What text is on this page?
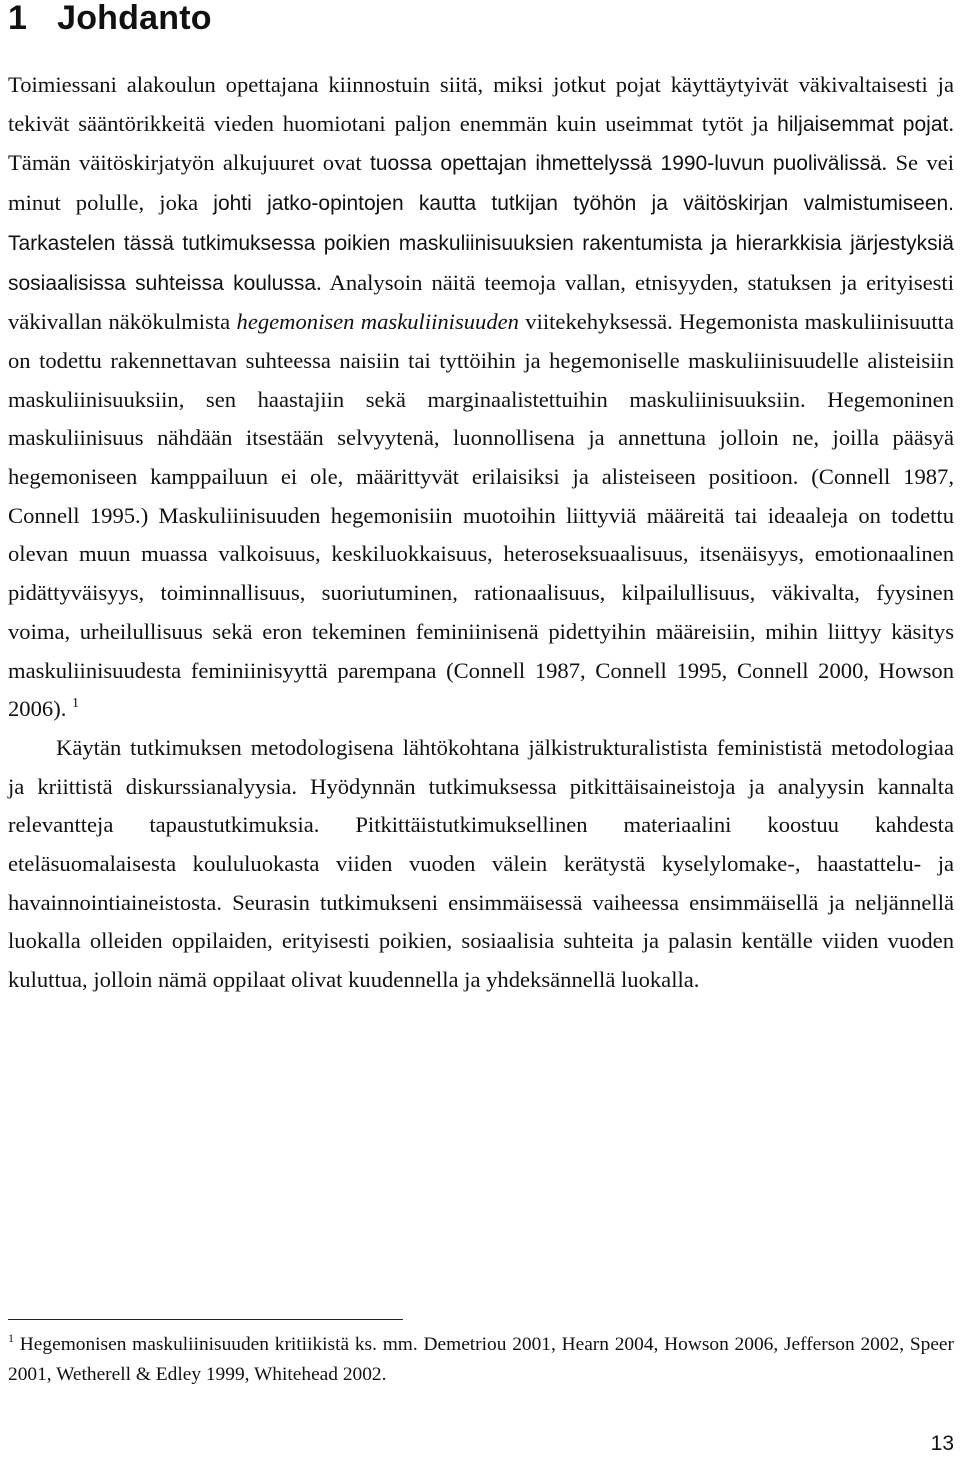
1 Johdanto

Toimiessani alakoulun opettajana kiinnostuin siitä, miksi jotkut pojat käyttäytyivät väkivaltaisesti ja tekivät sääntörikkeitä vieden huomiotani paljon enemmän kuin useimmat tytöt ja hiljaisemmat pojat. Tämän väitöskirjatyön alkujuuret ovat tuossa opettajan ihmettelyssä 1990-luvun puolivälissä. Se vei minut polulle, joka johti jatko-opintojen kautta tutkijan työhön ja väitöskirjan valmistumiseen. Tarkastelen tässä tutkimuksessa poikien maskuliinisuuksien rakentumista ja hierarkkisia järjestyksiä sosiaalisissa suhteissa koulussa. Analysoin näitä teemoja vallan, etnisyyden, statuksen ja erityisesti väkivallan näkökulmista hegemonisen maskuliinisuuden viitekehyksessä. Hegemonista maskuliinisuutta on todettu rakennettavan suhteessa naisiin tai tyttöihin ja hegemoniselle maskuliinisuudelle alisteisiin maskuliinisuuksiin, sen haastajiin sekä marginaalistettuihin maskuliinisuuksiin. Hegemoninen maskuliinisuus nähdään itsestään selvyytenä, luonnollisena ja annettuna jolloin ne, joilla pääsyä hegemoniseen kamppailuun ei ole, määrittyvät erilaisiksi ja alisteiseen positioon. (Connell 1987, Connell 1995.) Maskuliinisuuden hegemonisiin muotoihin liittyviä määreitä tai ideaaleja on todettu olevan muun muassa valkoisuus, keskiluokkaisuus, heteroseksuaalisuus, itsenäisyys, emotionaalinen pidättyväisyys, toiminnallisuus, suoriutuminen, rationaalisuus, kilpailullisuus, väkivalta, fyysinen voima, urheilullisuus sekä eron tekeminen feminiinisenä pidettyihin määreisiin, mihin liittyy käsitys maskuliinisuudesta feminiinisyyttä parempana (Connell 1987, Connell 1995, Connell 2000, Howson 2006). $^1$

Käytän tutkimuksen metodologisena lähtökohtana jälkistrukturalistista feminististä metodologiaa ja kriittistä diskurssianalyysia. Hyödynnän tutkimuksessa pitkittäisaineistoja ja analyysin kannalta relevantteja tapaustutkimuksia. Pitkittäistutkimuksellinen materiaalini koostuu kahdesta eteläsuomalaisesta koululuokasta viiden vuoden välein kerätystä kyselylomake-, haastattelu- ja havainnointiaineistosta. Seurasin tutkimukseni ensimmäisessä vaiheessa ensimmäisellä ja neljännellä luokalla olleiden oppilaiden, erityisesti poikien, sosiaalisia suhteita ja palasin kentälle viiden vuoden kuluttua, jolloin nämä oppilaat olivat kuudennella ja yhdeksännellä luokalla.

$^1$ Hegemonisen maskuliinisuuden kritiikistä ks. mm. Demetriou 2001, Hearn 2004, Howson 2006, Jefferson 2002, Speer 2001, Wetherell & Edley 1999, Whitehead 2002.

13
